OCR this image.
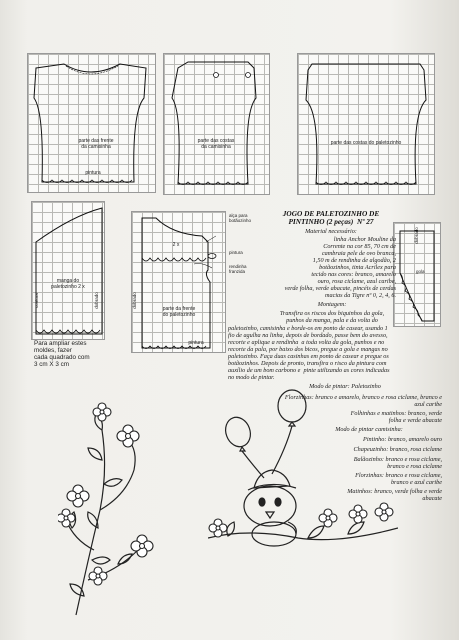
parte das frente
da camisinha
pintura
parte das costas
da camisinha
parte das costas do paletozinho
manga do
paletozinho 2 x
costura	dobrado
parte da frente
do paletozinho
2 x
pintura
dobrado
alça para
botãozinho
pintura
rendinha
franzida
dobrado
gola
Para ampliar estes
moldes, fazer
cada quadrado com
3 cm X 3 cm
JOGO DE PALETOZINHO DE
PINTINHO (2 peças)  Nº 27
Material necessário:
linha Anchor Mouline da
Corrente na cor 85, 70 cm de
cambraia pele de ovo branca,
1,50 m de rendinha de algodão, 2
botãozinhos, tinta Acrilex para
tecido nas cores: branco, amarelo
ouro, rosa ciclame, azul caribe,
verde folha, verde abacate, pincéis de cerdas
macias da Tigre nº 0, 2, 4, 6.
Montagem:
Transfira os riscos dos biquinhos da gola,
punhos da manga, pala e da volta do
paletozinho, camisinha e borde-os em ponto de casear, usando 1
fio de agulha na linha, depois de bordado, passe bem do avesso,
recorte e aplique a rendinha  a toda volta da gola, punhos e no
recorte da pala, por baixo dos bicos, pregue a gola e mangas no
paletozinho. Faça duas casinhas em ponto de casear e pregue os
botãozinhos. Depois de pronto, transfira o risco da pintura com
auxílio de um bom carbono e  pinte utilizando as cores indicadas
no modo de pintar.
Modo de pintar: Paletozinho
Florzinhas: branco e amarelo, branco e rosa ciclame, branco e
azul caribe
Folhinhas e matinhos: branco, verde
folha e verde abacate
Modo de pintar camisinha:
Pintinho: branco, amarelo ouro
Chapeuzinho: branco, rosa ciclame
Balãozinho: branco e rosa ciclame,
branco e rosa ciclame
Florzinhas: branco e rosa ciclame,
branco e azul caribe
Matinhos: branco, verde folha e verde
abacate
